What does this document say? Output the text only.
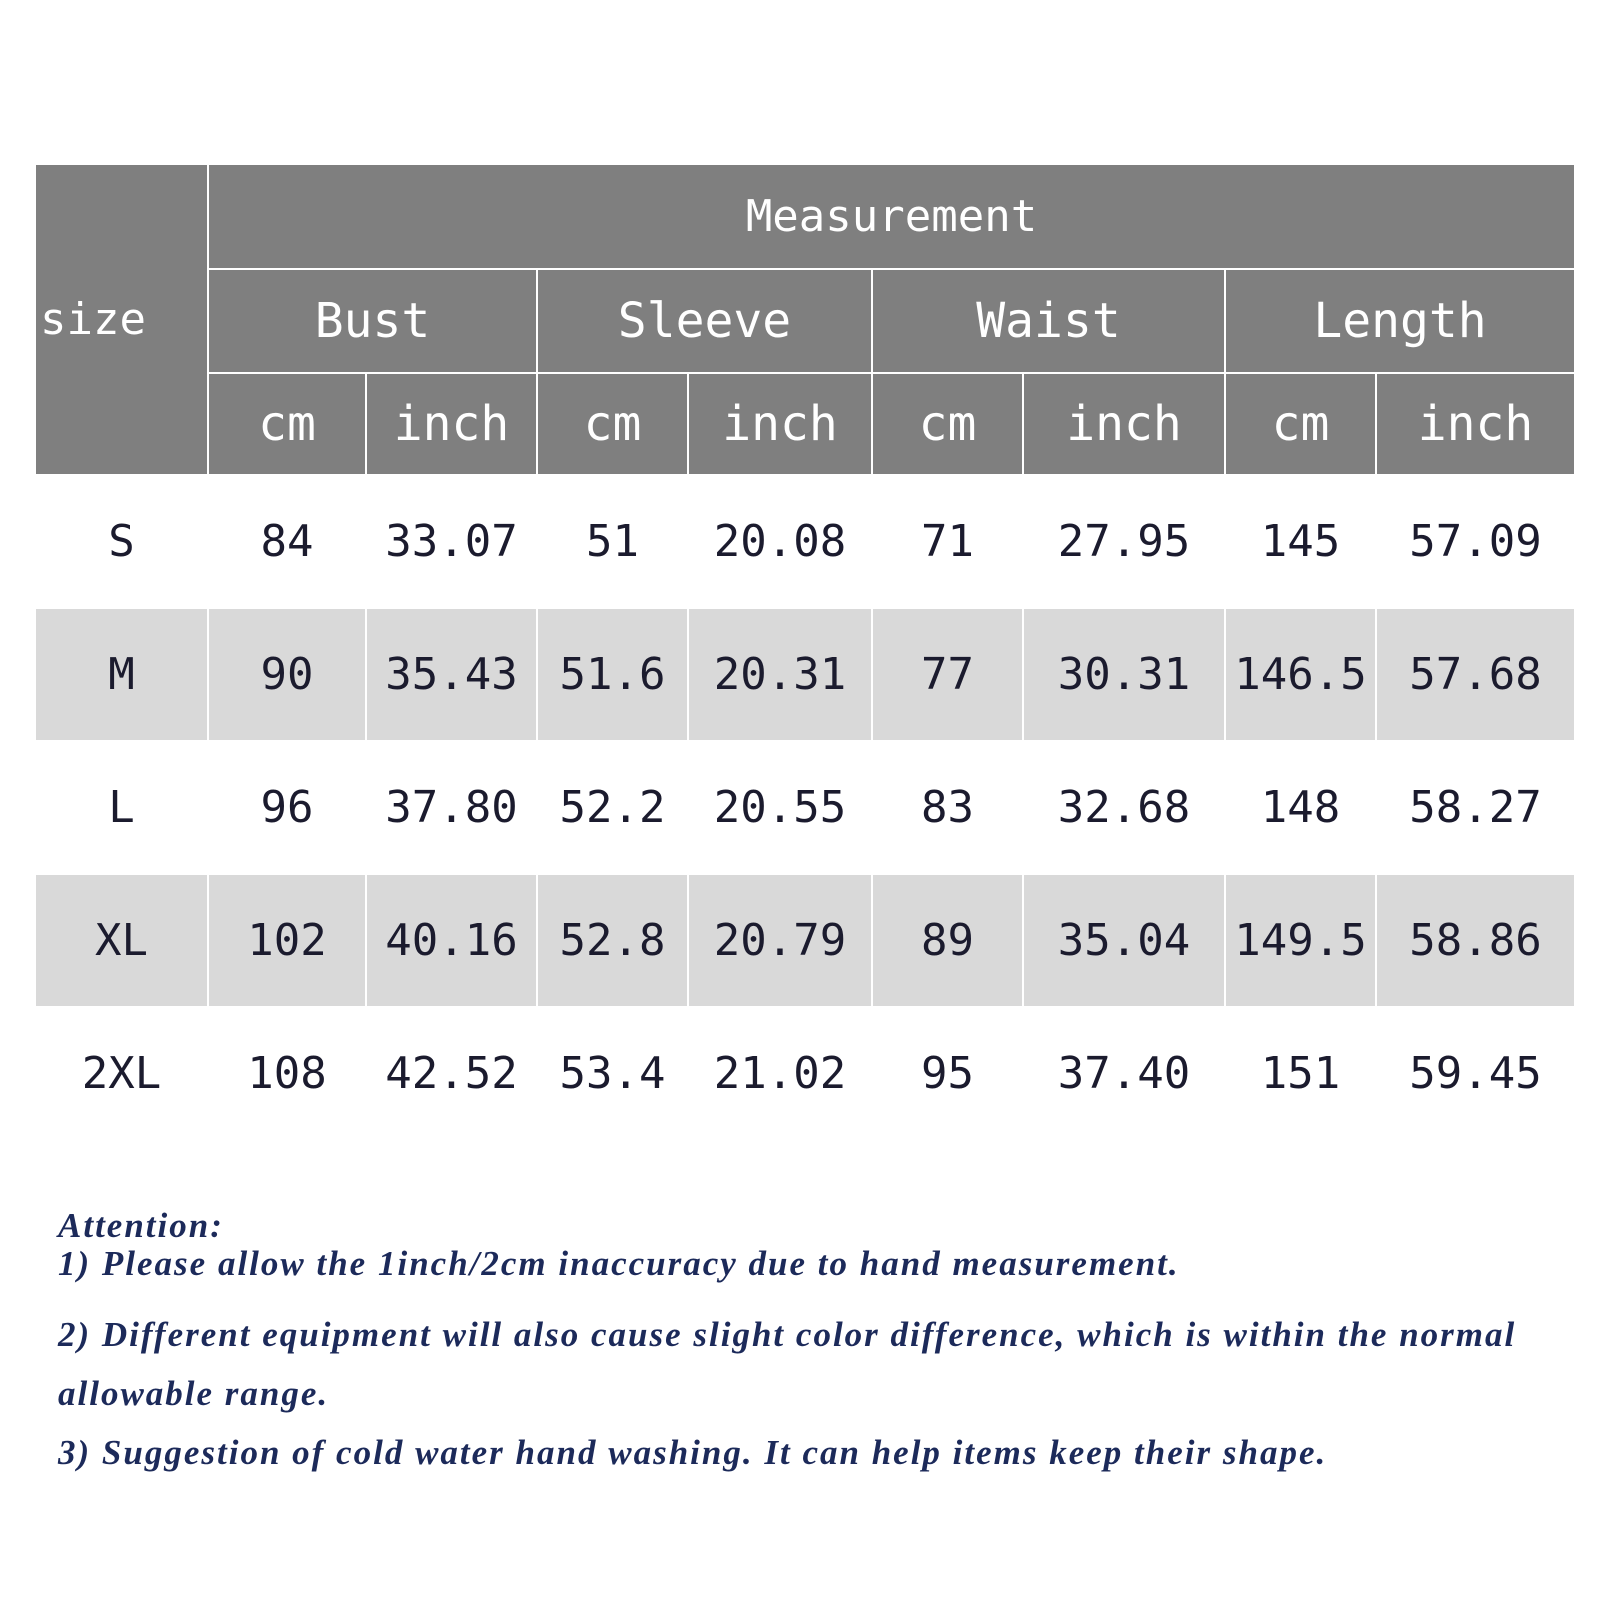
size	Measurement							
	Bust		Sleeve		Waist		Length	
	cm	inch	cm	inch	cm	inch	cm	inch
S	84	33.07	51	20.08	71	27.95	145	57.09
M	90	35.43	51.6	20.31	77	30.31	146.5	57.68
L	96	37.80	52.2	20.55	83	32.68	148	58.27
XL	102	40.16	52.8	20.79	89	35.04	149.5	58.86
2XL	108	42.52	53.4	21.02	95	37.40	151	59.45
Attention:
1) Please allow the 1inch/2cm inaccuracy due to hand measurement.
2) Different equipment will also cause slight color difference, which is within the normal allowable range.
3) Suggestion of cold water hand washing. It can help items keep their shape.
